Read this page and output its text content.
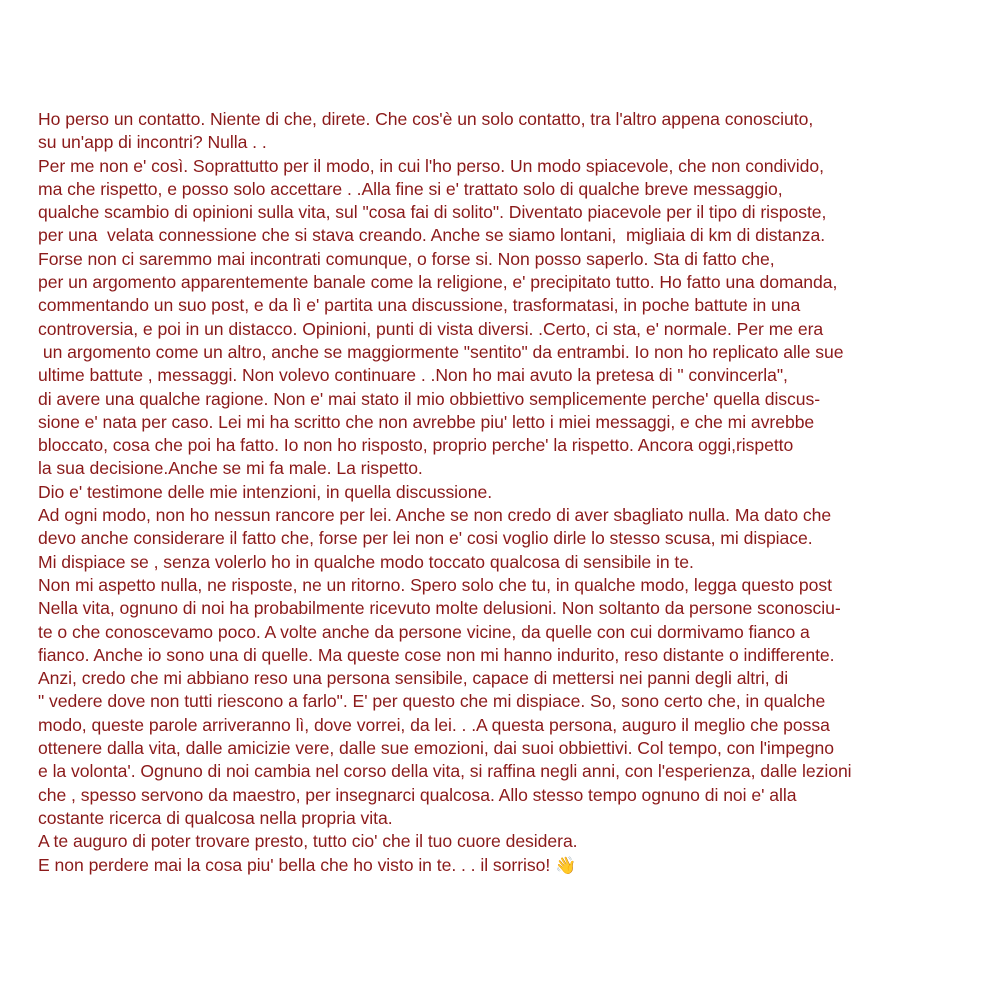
Ho perso un contatto. Niente di che, direte. Che cos'è un solo contatto, tra l'altro appena conosciuto,
su un'app di incontri? Nulla . .
Per me non e' così. Soprattutto per il modo, in cui l'ho perso. Un modo spiacevole, che non condivido,
ma che rispetto, e posso solo accettare . .Alla fine si e' trattato solo di qualche breve messaggio,
qualche scambio di opinioni sulla vita, sul "cosa fai di solito". Diventato piacevole per il tipo di risposte,
per una  velata connessione che si stava creando. Anche se siamo lontani,  migliaia di km di distanza.
Forse non ci saremmo mai incontrati comunque, o forse si. Non posso saperlo. Sta di fatto che,
per un argomento apparentemente banale come la religione, e' precipitato tutto. Ho fatto una domanda,
commentando un suo post, e da lì e' partita una discussione, trasformatasi, in poche battute in una
controversia, e poi in un distacco. Opinioni, punti di vista diversi. .Certo, ci sta, e' normale. Per me era
un argomento come un altro, anche se maggiormente "sentito" da entrambi. Io non ho replicato alle sue
ultime battute , messaggi. Non volevo continuare . .Non ho mai avuto la pretesa di " convincerla",
di avere una qualche ragione. Non e' mai stato il mio obbiettivo semplicemente perche' quella discus-
sione e' nata per caso. Lei mi ha scritto che non avrebbe piu' letto i miei messaggi, e che mi avrebbe
bloccato, cosa che poi ha fatto. Io non ho risposto, proprio perche' la rispetto. Ancora oggi,rispetto
la sua decisione.Anche se mi fa male. La rispetto.
Dio e' testimone delle mie intenzioni, in quella discussione.
Ad ogni modo, non ho nessun rancore per lei. Anche se non credo di aver sbagliato nulla. Ma dato che
devo anche considerare il fatto che, forse per lei non e' cosi voglio dirle lo stesso scusa, mi dispiace.
Mi dispiace se , senza volerlo ho in qualche modo toccato qualcosa di sensibile in te.
Non mi aspetto nulla, ne risposte, ne un ritorno. Spero solo che tu, in qualche modo, legga questo post
Nella vita, ognuno di noi ha probabilmente ricevuto molte delusioni. Non soltanto da persone sconosciu-
te o che conoscevamo poco. A volte anche da persone vicine, da quelle con cui dormivamo fianco a
fianco. Anche io sono una di quelle. Ma queste cose non mi hanno indurito, reso distante o indifferente.
Anzi, credo che mi abbiano reso una persona sensibile, capace di mettersi nei panni degli altri, di
" vedere dove non tutti riescono a farlo". E' per questo che mi dispiace. So, sono certo che, in qualche
modo, queste parole arriveranno lì, dove vorrei, da lei. . .A questa persona, auguro il meglio che possa
ottenere dalla vita, dalle amicizie vere, dalle sue emozioni, dai suoi obbiettivi. Col tempo, con l'impegno
e la volonta'. Ognuno di noi cambia nel corso della vita, si raffina negli anni, con l'esperienza, dalle lezioni
che , spesso servono da maestro, per insegnarci qualcosa. Allo stesso tempo ognuno di noi e' alla
costante ricerca di qualcosa nella propria vita.
A te auguro di poter trovare presto, tutto cio' che il tuo cuore desidera.
E non perdere mai la cosa piu' bella che ho visto in te. . . il sorriso! 👋
